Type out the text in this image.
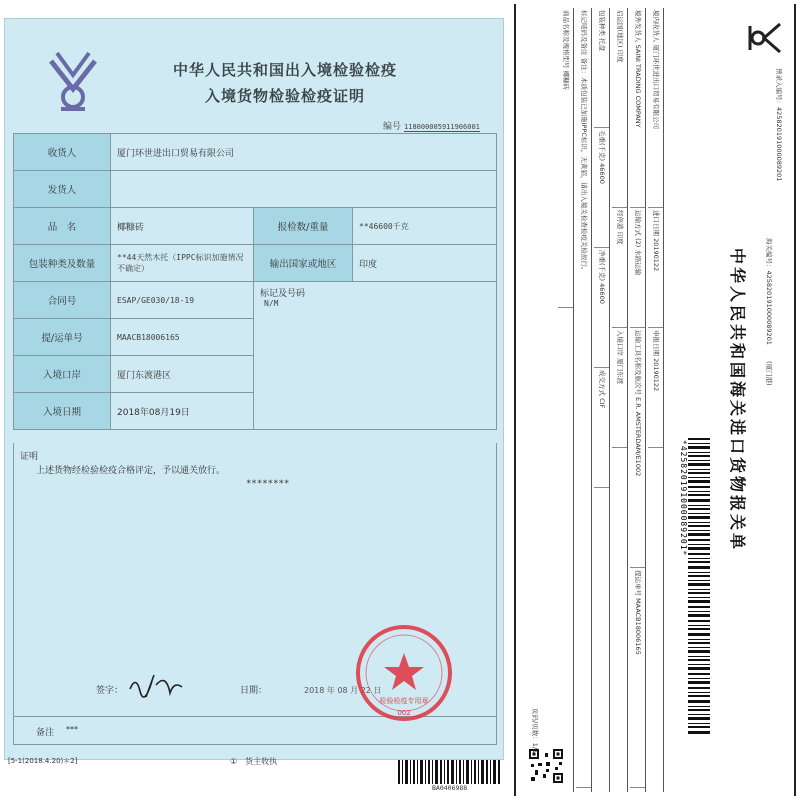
中华人民共和国出入境检验检疫
入境货物检验检疫证明
编号 118000005911906001
收货人	厦门环世进出口贸易有限公司		
发货人			
品　名	椰糠砖	报检数/重量	**46600千克
包装种类及数量	**44天然木托（IPPC标识加施情况不确定）	输出国家或地区	印度
合同号	ESAP/GE030/18-19	标记及号码
N/M	

提/运单号	MAACB18006165		
入境口岸	厦门东渡港区		
入境日期	2018年08月19日		
证明
上述货物经检验检疫合格评定，予以通关放行。
********
签字：	日期：	2018 年 08 月 22 日
检验检疫专用章
002
备注 ***
[5-1(2018.4.20)＊2]	①　货主收执
BA0406988
预录入编号：425820191000089201
海关编号：425820191000089201 (厦门港)
中华人民共和国海关进口货物报关单
*425820191000089201*
页码/页数：1/1
境内收货人 厦门环世进出口贸易有限公司
进口日期 20190122
申报日期 20190122
境外发货人 SAINI TRADING COMPANY
运输方式 (2) 水路运输
运输工具名称及航次号 E.R. AMSTERDAM/E1002
提运单号 MAACB18006165
启运国(地区) 印度
经停港 印度
入境口岸 厦门东渡
包装种类 托盘
毛重(千克) 46600
净重(千克) 46600
成交方式 CIF
标记唛码及备注 备注：木质包装已加施IPPC标识，无黄貂，请出入境关检查检疫关检放行。
商品名称及规格型号 椰糠砖
